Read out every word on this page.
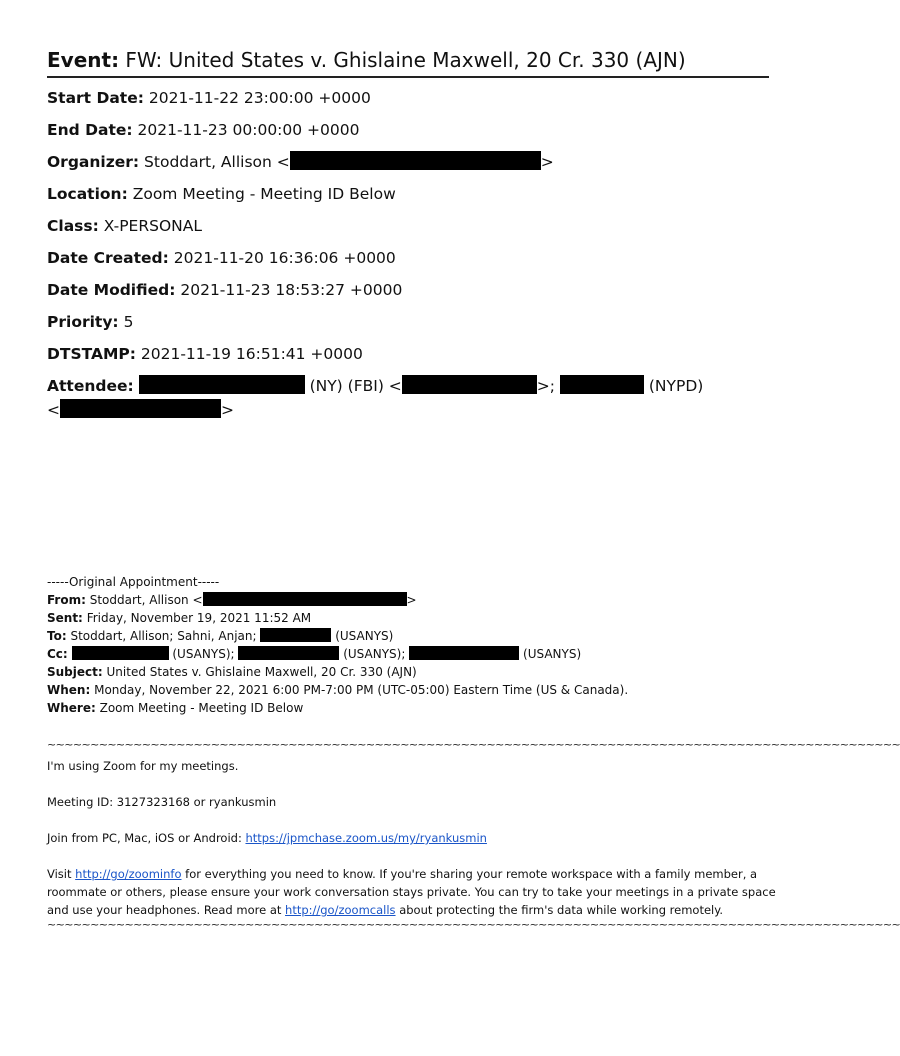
Event: FW: United States v. Ghislaine Maxwell, 20 Cr. 330 (AJN)
Start Date: 2021-11-22 23:00:00 +0000
End Date: 2021-11-23 00:00:00 +0000
Organizer: Stoddart, Allison <	>
Location: Zoom Meeting - Meeting ID Below
Class: X-PERSONAL
Date Created: 2021-11-20 16:36:06 +0000
Date Modified: 2021-11-23 18:53:27 +0000
Priority: 5
DTSTAMP: 2021-11-19 16:51:41 +0000
Attendee:	(NY) (FBI) <	>;	(NYPD)
<	>
-----Original Appointment-----
From: Stoddart, Allison <	>
Sent: Friday, November 19, 2021 11:52 AM
To: Stoddart, Allison; Sahni, Anjan;	(USANYS)
Cc:	(USANYS);	(USANYS);	(USANYS)
Subject: United States v. Ghislaine Maxwell, 20 Cr. 330 (AJN)
When: Monday, November 22, 2021 6:00 PM-7:00 PM (UTC-05:00) Eastern Time (US & Canada).
Where: Zoom Meeting - Meeting ID Below
~~~~~~~~~~~~~~~~~~~~~~~~~~~~~~~~~~~~~~~~~~~~~~~~~~~~~~~~~~~~~~~~~~~~~~~~~~~~~~~~~~~~~~~~~~~~~~~~~~~

I'm using Zoom for my meetings.

Meeting ID: 3127323168 or ryankusmin

Join from PC, Mac, iOS or Android: https://jpmchase.zoom.us/my/ryankusmin

Visit http://go/zoominfo for everything you need to know. If you're sharing your remote workspace with a family member, a roommate or others, please ensure your work conversation stays private. You can try to take your meetings in a private space and use your headphones. Read more at http://go/zoomcalls about protecting the firm's data while working remotely.

~~~~~~~~~~~~~~~~~~~~~~~~~~~~~~~~~~~~~~~~~~~~~~~~~~~~~~~~~~~~~~~~~~~~~~~~~~~~~~~~~~~~~~~~~~~~~~~~~~~
